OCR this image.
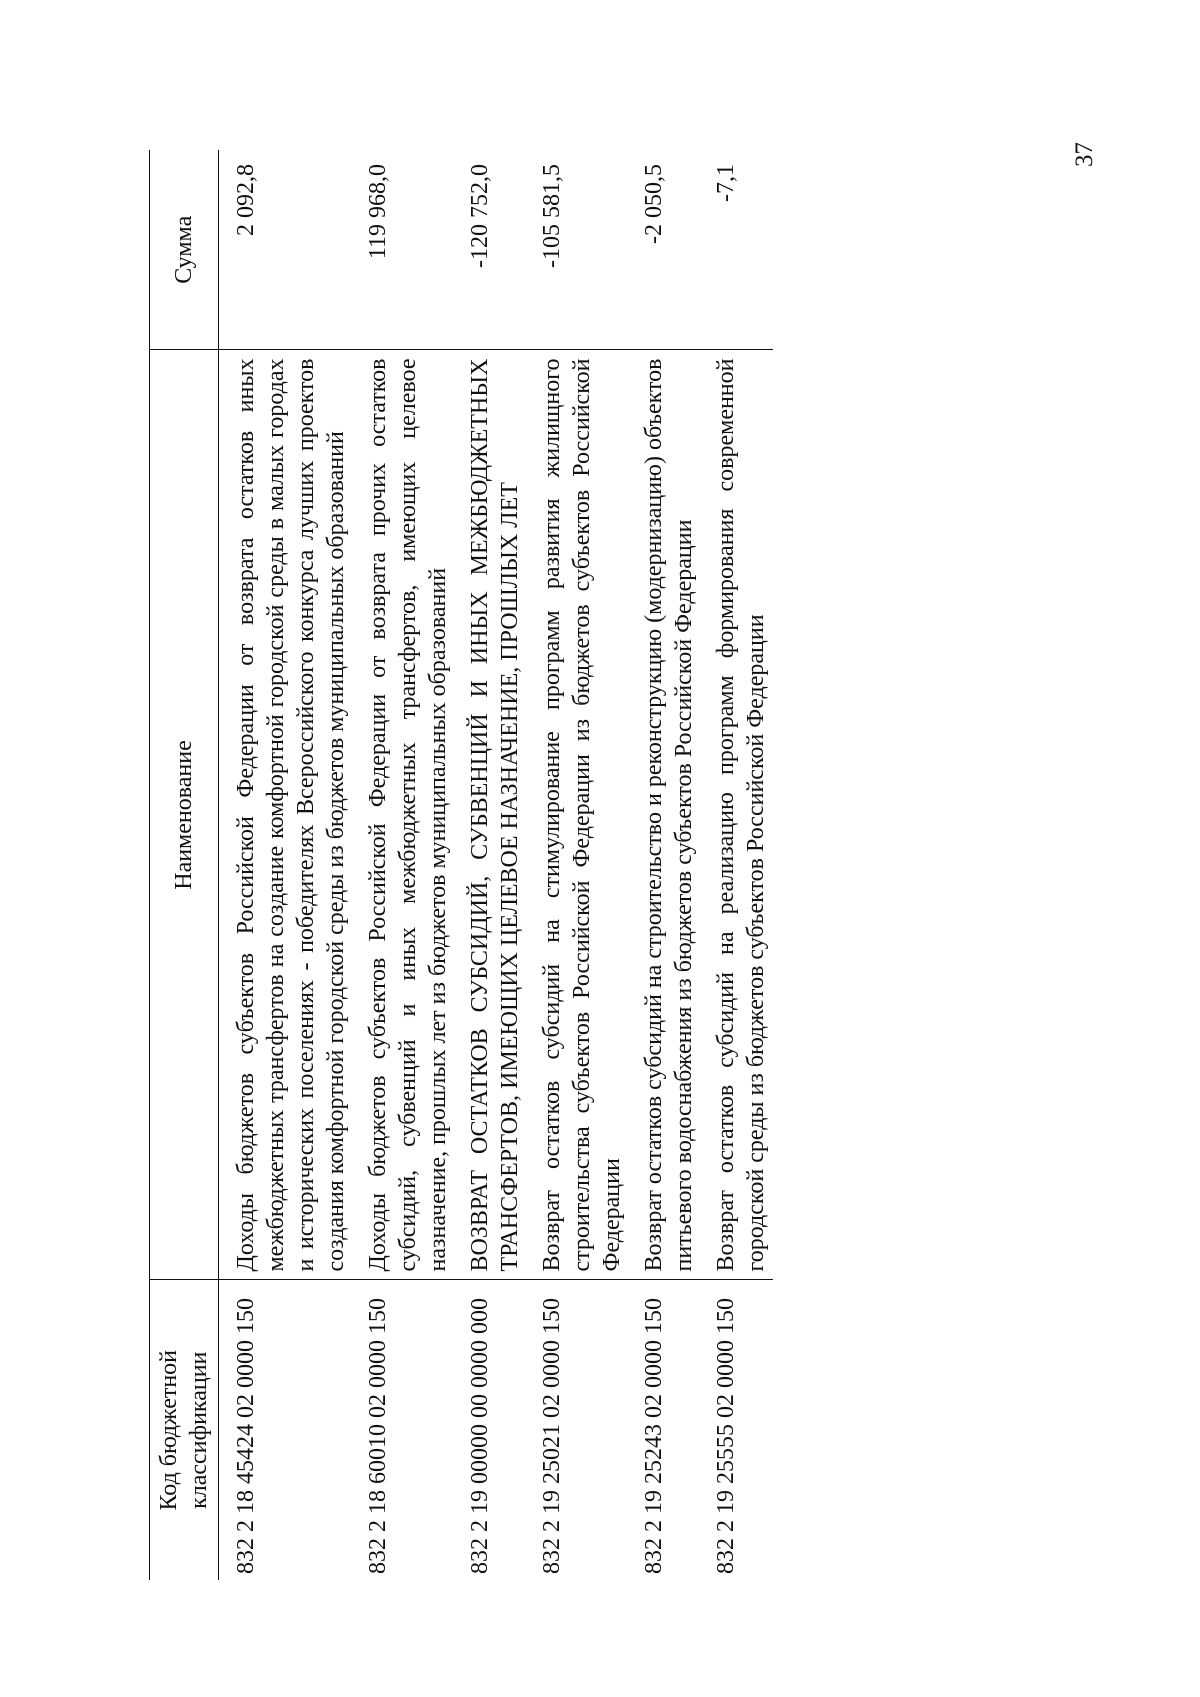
37
Код бюджетной классификации	Наименование	Сумма
832 2 18 45424 02 0000 150	Доходы бюджетов субъектов Российской Федерации от возврата остатков иных межбюджетных трансфертов на создание комфортной городской среды в малых городах и исторических поселениях - победителях Всероссийского конкурса лучших проектов создания комфортной городской среды из бюджетов муниципальных образований	2 092,8
832 2 18 60010 02 0000 150	Доходы бюджетов субъектов Российской Федерации от возврата прочих остатков субсидий, субвенций и иных межбюджетных трансфертов, имеющих целевое назначение, прошлых лет из бюджетов муниципальных образований	119 968,0
832 2 19 00000 00 0000 000	ВОЗВРАТ ОСТАТКОВ СУБСИДИЙ, СУБВЕНЦИЙ И ИНЫХ МЕЖБЮДЖЕТНЫХ ТРАНСФЕРТОВ, ИМЕЮЩИХ ЦЕЛЕВОЕ НАЗНАЧЕНИЕ, ПРОШЛЫХ ЛЕТ	-120 752,0
832 2 19 25021 02 0000 150	Возврат остатков субсидий на стимулирование программ развития жилищного строительства субъектов Российской Федерации из бюджетов субъектов Российской Федерации	-105 581,5
832 2 19 25243 02 0000 150	Возврат остатков субсидий на строительство и реконструкцию (модернизацию) объектов питьевого водоснабжения из бюджетов субъектов Российской Федерации	-2 050,5
832 2 19 25555 02 0000 150	Возврат остатков субсидий на реализацию программ формирования современной городской среды из бюджетов субъектов Российской Федерации	-7,1
